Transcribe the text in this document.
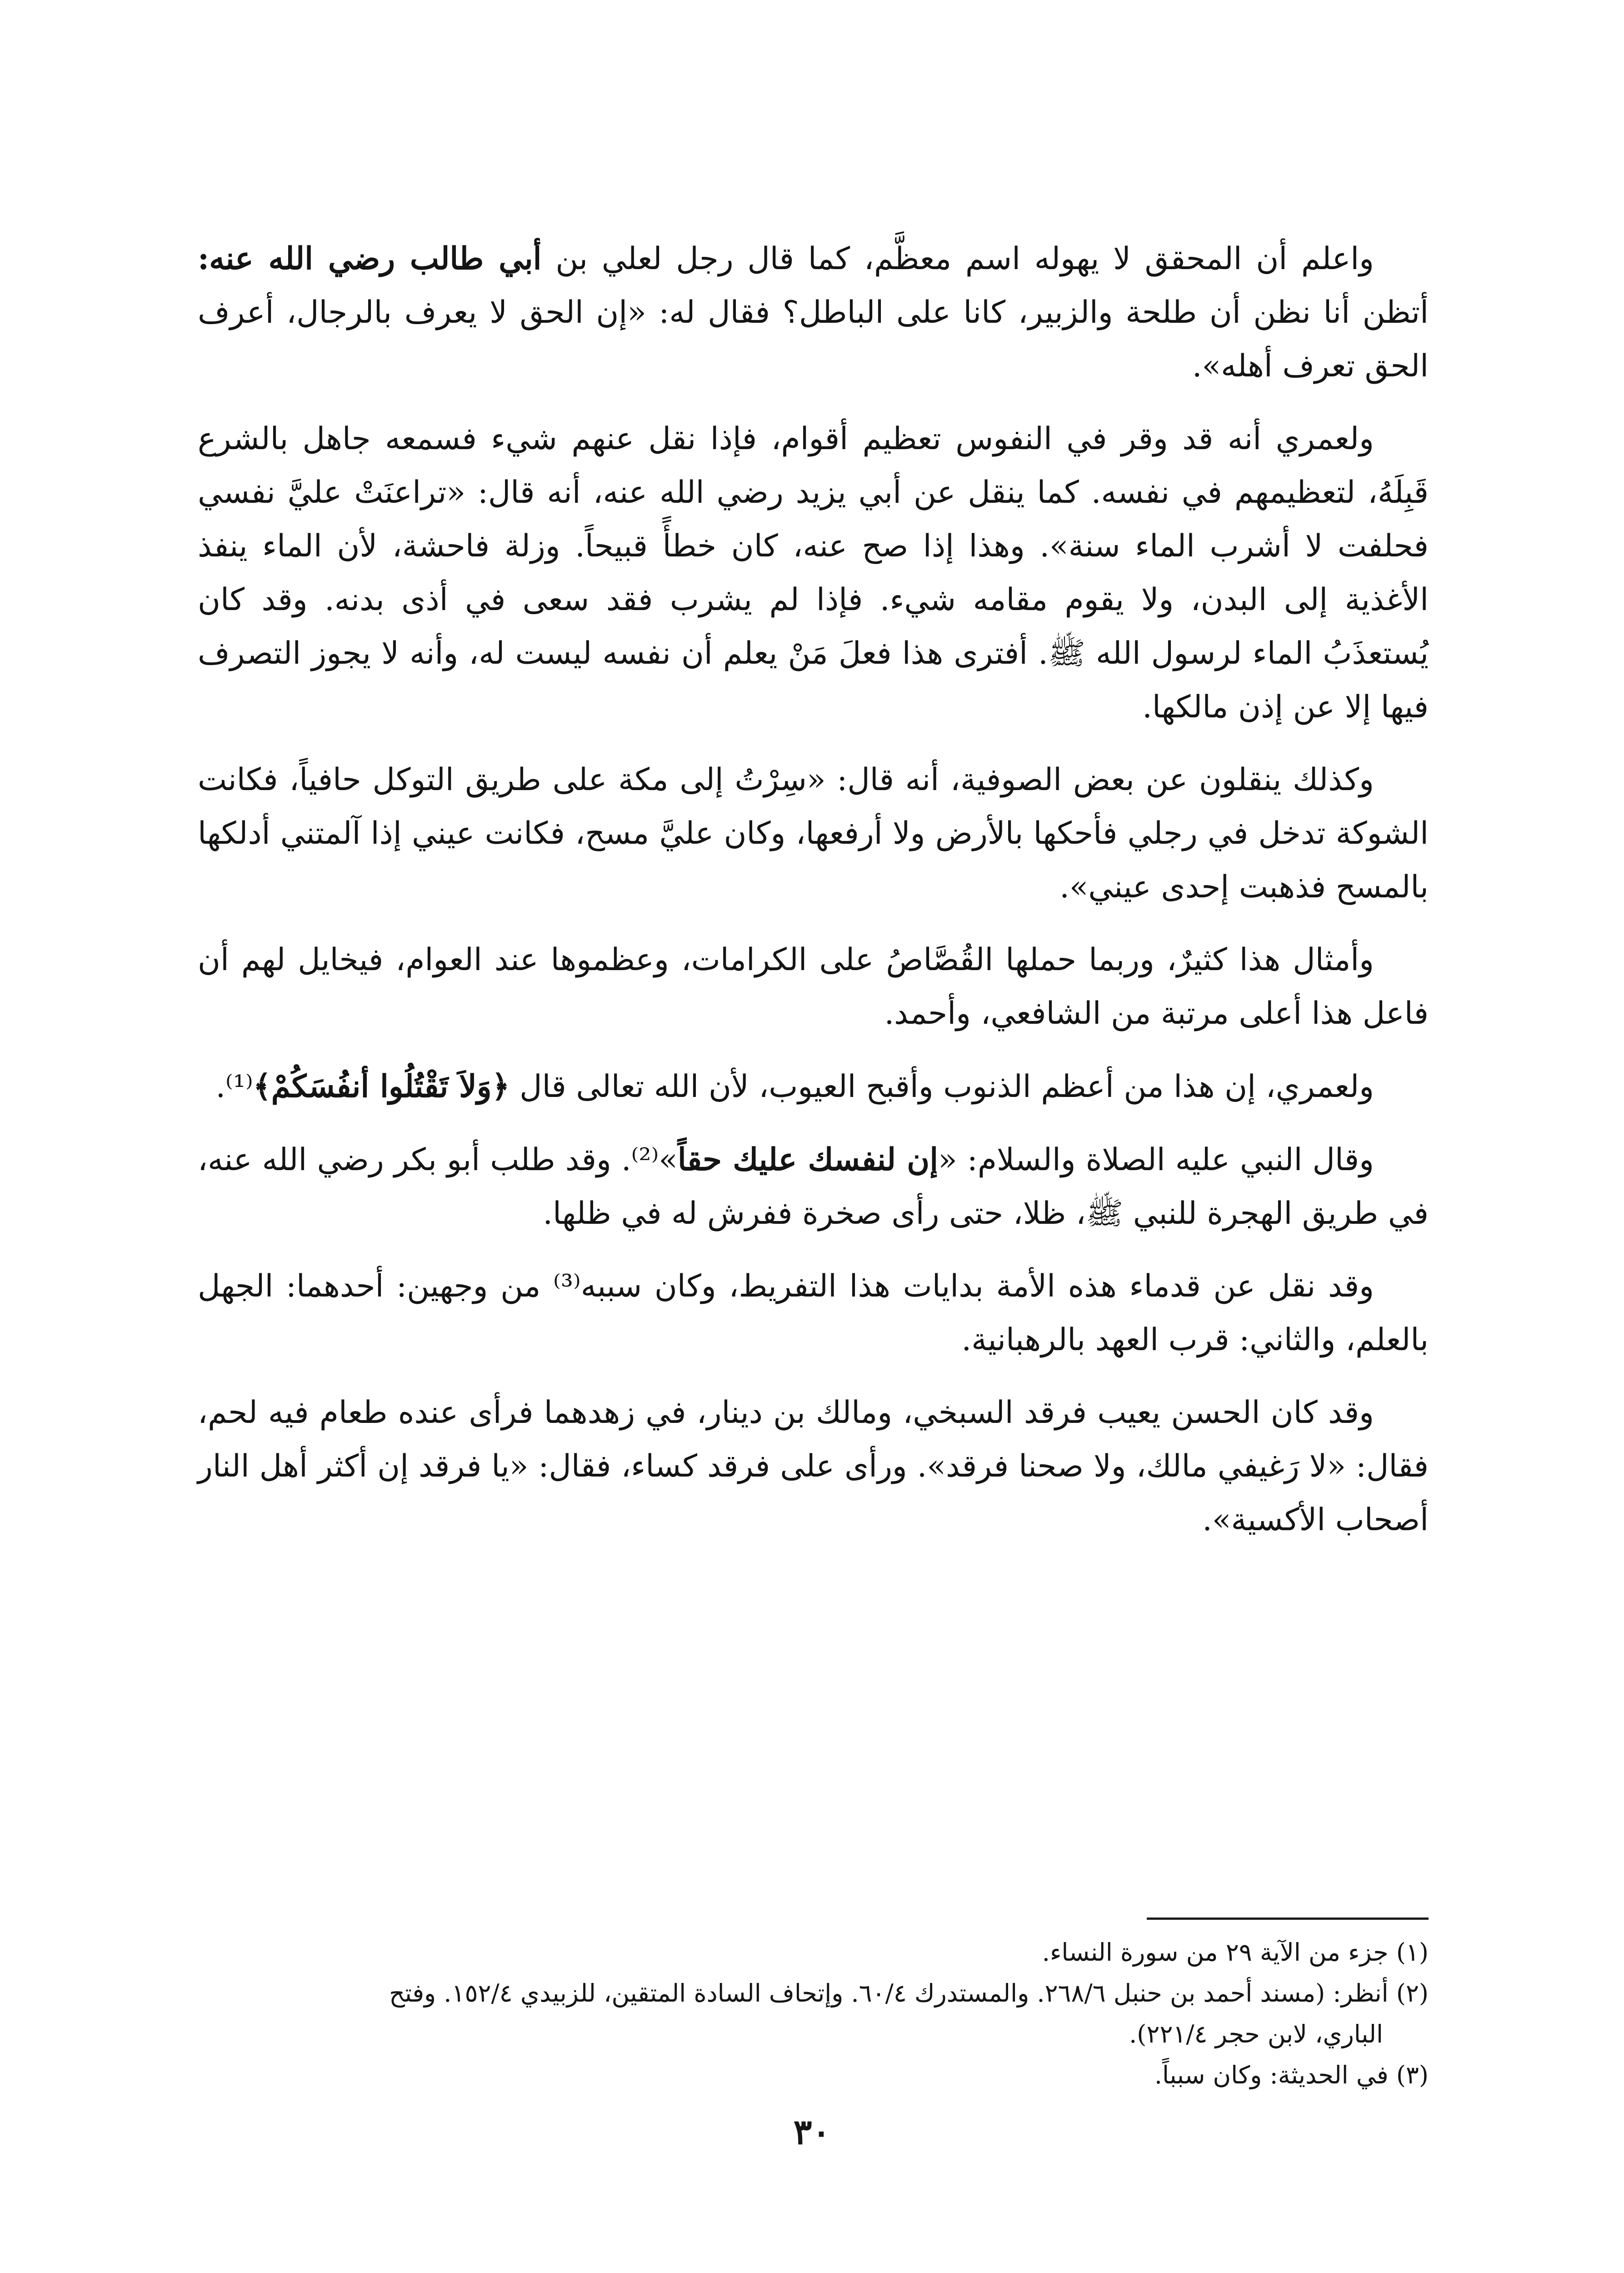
واعلم أن المحقق لا يهوله اسم معظَّم، كما قال رجل لعلي بن أبي طالب رضي الله عنه: أتظن أنا نظن أن طلحة والزبير، كانا على الباطل؟ فقال له: «إن الحق لا يعرف بالرجال، أعرف الحق تعرف أهله».

ولعمري أنه قد وقر في النفوس تعظيم أقوام، فإذا نقل عنهم شيء فسمعه جاهل بالشرع قَبِلَهُ، لتعظيمهم في نفسه. كما ينقل عن أبي يزيد رضي الله عنه، أنه قال: «تراعنَتْ عليَّ نفسي فحلفت لا أشرب الماء سنة». وهذا إذا صح عنه، كان خطأً قبيحاً. وزلة فاحشة، لأن الماء ينفذ الأغذية إلى البدن، ولا يقوم مقامه شيء. فإذا لم يشرب فقد سعى في أذى بدنه. وقد كان يُستعذَبُ الماء لرسول الله ﷺ. أفترى هذا فعلَ مَنْ يعلم أن نفسه ليست له، وأنه لا يجوز التصرف فيها إلا عن إذن مالكها.

وكذلك ينقلون عن بعض الصوفية، أنه قال: «سِرْتُ إلى مكة على طريق التوكل حافياً، فكانت الشوكة تدخل في رجلي فأحكها بالأرض ولا أرفعها، وكان عليَّ مسح، فكانت عيني إذا آلمتني أدلكها بالمسح فذهبت إحدى عيني».

وأمثال هذا كثيرٌ، وربما حملها القُصَّاصُ على الكرامات، وعظموها عند العوام، فيخايل لهم أن فاعل هذا أعلى مرتبة من الشافعي، وأحمد.

ولعمري، إن هذا من أعظم الذنوب وأقبح العيوب، لأن الله تعالى قال ﴿وَلاَ تَقْتُلُوا أنفُسَكُمْ﴾⁽¹⁾.

وقال النبي عليه الصلاة والسلام: «إن لنفسك عليك حقاً»⁽²⁾. وقد طلب أبو بكر رضي الله عنه، في طريق الهجرة للنبي ﷺ، ظلا، حتى رأى صخرة ففرش له في ظلها.

وقد نقل عن قدماء هذه الأمة بدايات هذا التفريط، وكان سببه⁽³⁾ من وجهين: أحدهما: الجهل بالعلم، والثاني: قرب العهد بالرهبانية.

وقد كان الحسن يعيب فرقد السبخي، ومالك بن دينار، في زهدهما فرأى عنده طعام فيه لحم، فقال: «لا رَغيفي مالك، ولا صحنا فرقد». ورأى على فرقد كساء، فقال: «يا فرقد إن أكثر أهل النار أصحاب الأكسية».

(١) جزء من الآية ٢٩ من سورة النساء.

(٢) أنظر: (مسند أحمد بن حنبل ٢٦٨/٦. والمستدرك ٦٠/٤. وإتحاف السادة المتقين، للزبيدي ١٥٢/٤. وفتح

الباري، لابن حجر ٢٢١/٤).

(٣) في الحديثة: وكان سبباً.

٣٠
